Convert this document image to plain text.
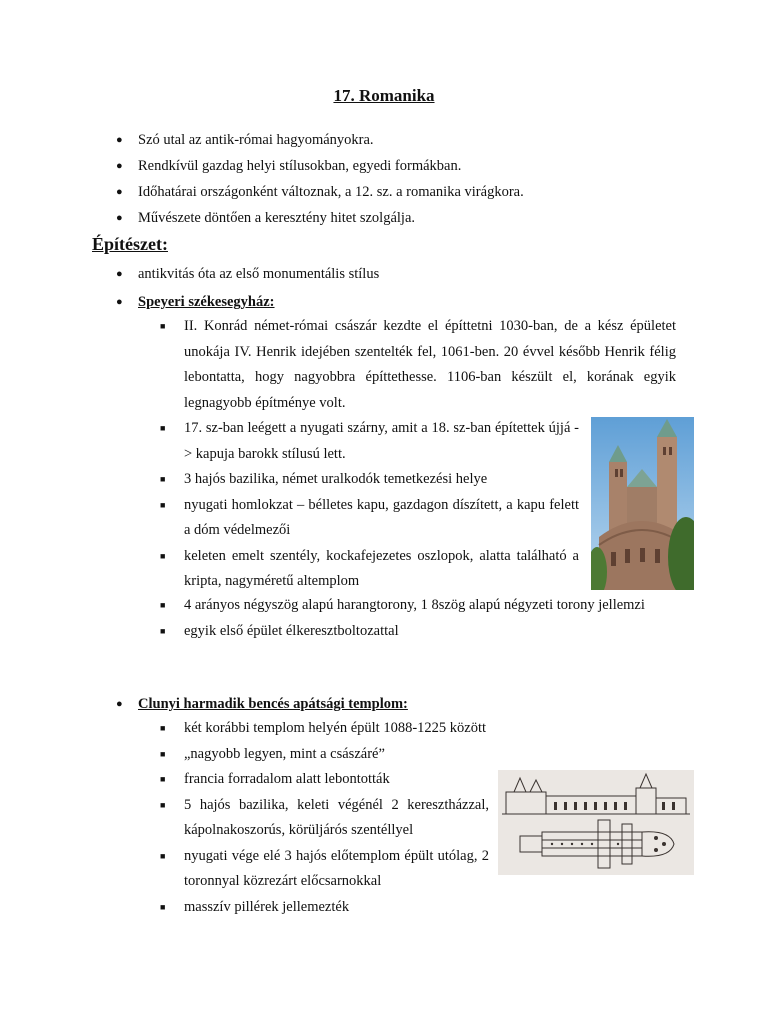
17. Romanika
● Szó utal az antik-római hagyományokra.
● Rendkívül gazdag helyi stílusokban, egyedi formákban.
● Időhatárai országonként változnak, a 12. sz. a romanika virágkora.
● Művészete döntően a keresztény hitet szolgálja.
Építészet:
● antikvitás óta az első monumentális stílus
● Speyeri székesegyház:
■ II. Konrád német-római császár kezdte el építtetni 1030-ban, de a kész épületet unokája IV. Henrik idejében szentelték fel, 1061-ben. 20 évvel később Henrik félig lebontatta, hogy nagyobbra építtethesse. 1106-ban készült el, korának egyik legnagyobb építménye volt.
■ 17. sz-ban leégett a nyugati szárny, amit a 18. sz-ban építettek újjá -> kapuja barokk stílusú lett.
■ 3 hajós bazilika, német uralkodók temetkezési helye
■ nyugati homlokzat – bélletes kapu, gazdagon díszített, a kapu felett a dóm védelmezői
■ keleten emelt szentély, kockafejezetes oszlopok, alatta található a kripta, nagyméretű altemplom
■ 4 arányos négyszög alapú harangtorony, 1 8szög alapú négyzeti torony jellemzi
■ egyik első épület élkeresztboltozattal
● Clunyi harmadik bencés apátsági templom:
■ két korábbi templom helyén épült 1088-1225 között
■ „nagyobb legyen, mint a császáré”
■ francia forradalom alatt lebontották
■ 5 hajós bazilika, keleti végénél 2 keresztházzal, kápolnakoszorús, körüljárós szentéllyel
■ nyugati vége elé 3 hajós előtemplom épült utólag, 2 toronnyal közrezárt előcsarnokkal
■ masszív pillérek jellemezték
